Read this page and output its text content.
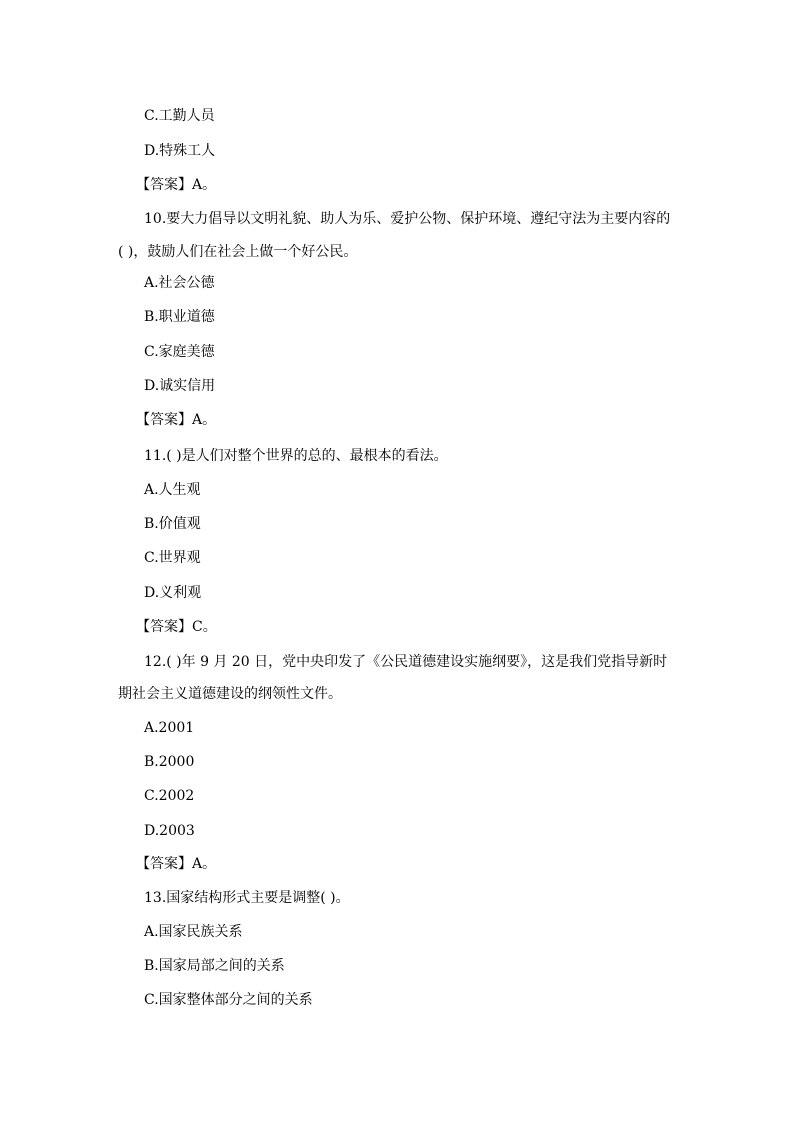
C.工勤人员
D.特殊工人
【答案】A。
10.要大力倡导以文明礼貌、助人为乐、爱护公物、保护环境、遵纪守法为主要内容的
( )，鼓励人们在社会上做一个好公民。
A.社会公德
B.职业道德
C.家庭美德
D.诚实信用
【答案】A。
11.( )是人们对整个世界的总的、最根本的看法。
A.人生观
B.价值观
C.世界观
D.义利观
【答案】C。
12.( )年 9 月 20 日，党中央印发了《公民道德建设实施纲要》，这是我们党指导新时
期社会主义道德建设的纲领性文件。
A.2001
B.2000
C.2002
D.2003
【答案】A。
13.国家结构形式主要是调整( )。
A.国家民族关系
B.国家局部之间的关系
C.国家整体部分之间的关系
